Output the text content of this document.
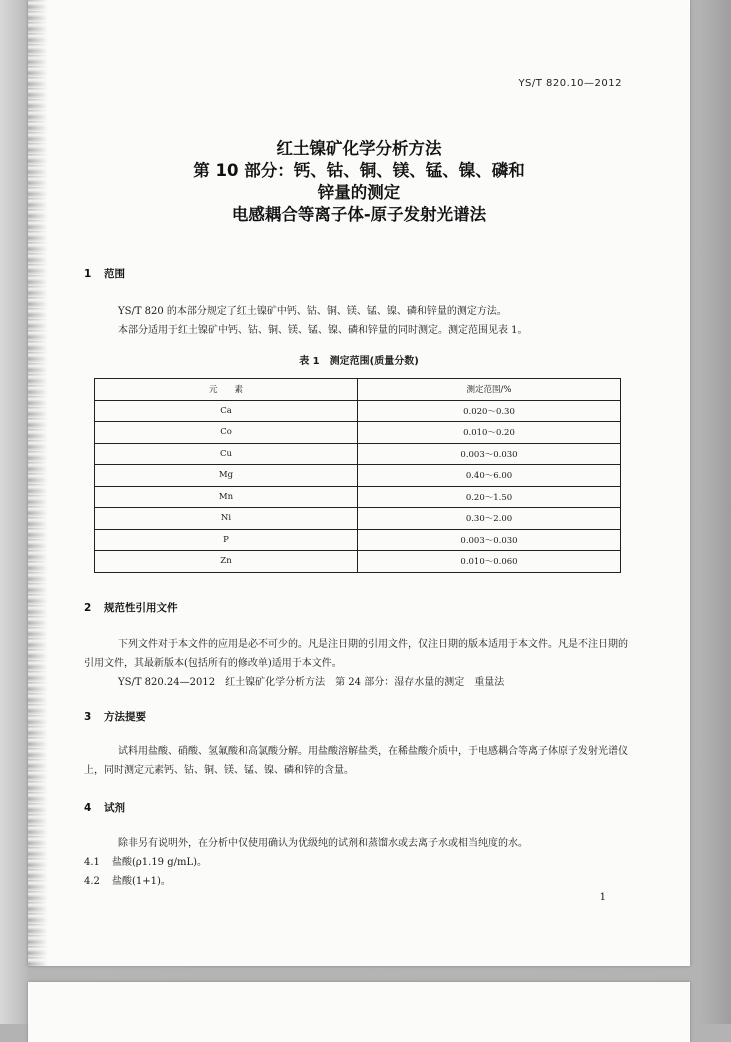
YS/T 820.10—2012
红土镍矿化学分析方法
第 10 部分：钙、钴、铜、镁、锰、镍、磷和
锌量的测定
电感耦合等离子体-原子发射光谱法
1 范围

YS/T 820 的本部分规定了红土镍矿中钙、钴、铜、镁、锰、镍、磷和锌量的测定方法。

本部分适用于红土镍矿中钙、钴、铜、镁、锰、镍、磷和锌量的同时测定。测定范围见表 1。

表 1　测定范围(质量分数)
元　　素	测定范围/%
Ca	0.020～0.30
Co	0.010～0.20
Cu	0.003～0.030
Mg	0.40～6.00
Mn	0.20～1.50
Ni	0.30～2.00
P	0.003～0.030
Zn	0.010～0.060
2 规范性引用文件

下列文件对于本文件的应用是必不可少的。凡是注日期的引用文件，仅注日期的版本适用于本文件。凡是不注日期的引用文件，其最新版本(包括所有的修改单)适用于本文件。

YS/T 820.24—2012　红土镍矿化学分析方法　第 24 部分：湿存水量的测定　重量法

3 方法提要

试料用盐酸、硝酸、氢氟酸和高氯酸分解。用盐酸溶解盐类，在稀盐酸介质中，于电感耦合等离子体原子发射光谱仪上，同时测定元素钙、钴、铜、镁、锰、镍、磷和锌的含量。

4 试剂

除非另有说明外，在分析中仅使用确认为优级纯的试剂和蒸馏水或去离子水或相当纯度的水。

4.1 盐酸(ρ1.19 g/mL)。
4.2 盐酸(1+1)。
1
